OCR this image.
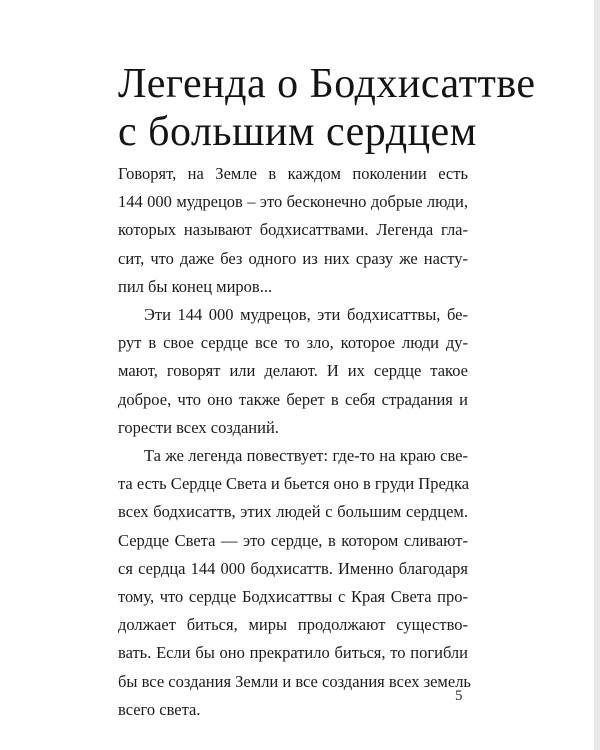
Легенда о Бодхисаттве
с большим сердцем
Говорят, на Земле в каждом поколении есть
144 000 мудрецов – это бесконечно добрые люди,
которых называют бодхисаттвами. Легенда гла-
сит, что даже без одного из них сразу же насту-
пил бы конец миров...
Эти 144 000 мудрецов, эти бодхисаттвы, бе-
рут в свое сердце все то зло, которое люди ду-
мают, говорят или делают. И их сердце такое
доброе, что оно также берет в себя страдания и
горести всех созданий.
Та же легенда повествует: где-то на краю све-
та есть Сердце Света и бьется оно в груди Предка
всех бодхисаттв, этих людей с большим сердцем.
Сердце Света — это сердце, в котором сливают-
ся сердца 144 000 бодхисаттв. Именно благодаря
тому, что сердце Бодхисаттвы с Края Света про-
должает биться, миры продолжают существо-
вать. Если бы оно прекратило биться, то погибли
бы все создания Земли и все создания всех земель
всего света.
5
